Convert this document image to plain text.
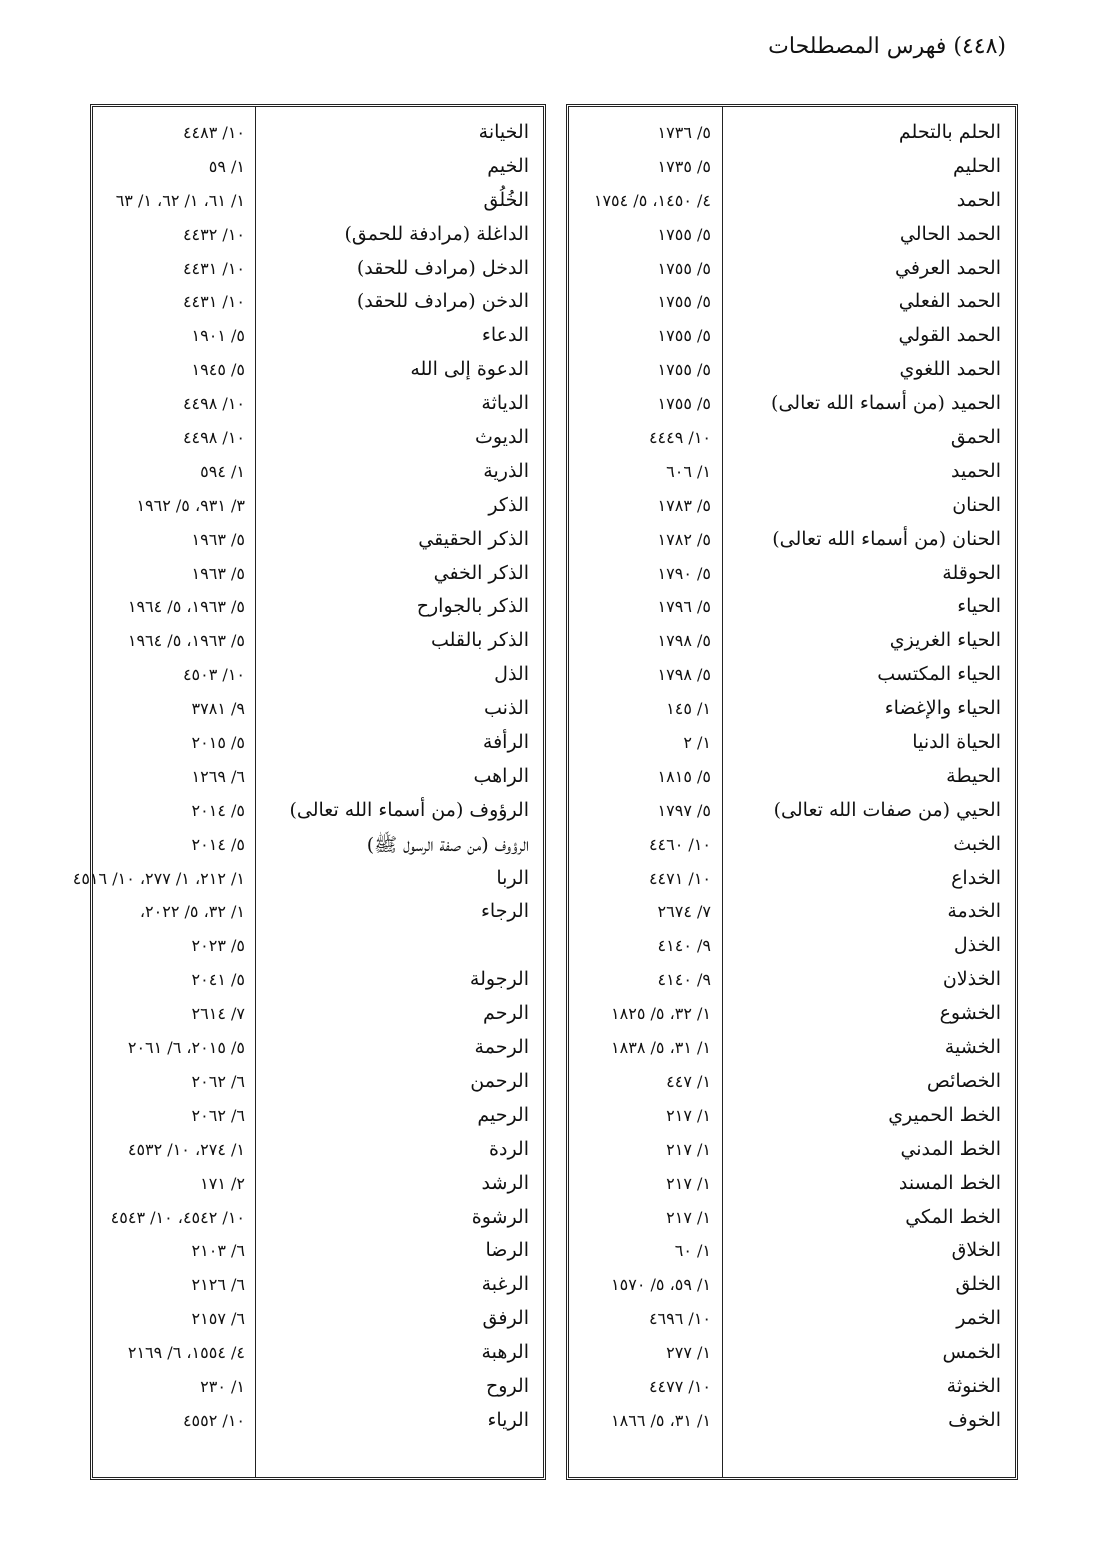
(٤٤٨) فهرس المصطلحات
الحلم بالتحلم
٥/ ١٧٣٦
الحليم
٥/ ١٧٣٥
الحمد
٤/ ١٤٥٠، ٥/ ١٧٥٤
الحمد الحالي
٥/ ١٧٥٥
الحمد العرفي
٥/ ١٧٥٥
الحمد الفعلي
٥/ ١٧٥٥
الحمد القولي
٥/ ١٧٥٥
الحمد اللغوي
٥/ ١٧٥٥
الحميد (من أسماء الله تعالى)
٥/ ١٧٥٥
الحمق
١٠/ ٤٤٤٩
الحميد
١/ ٦٠٦
الحنان
٥/ ١٧٨٣
الحنان (من أسماء الله تعالى)
٥/ ١٧٨٢
الحوقلة
٥/ ١٧٩٠
الحياء
٥/ ١٧٩٦
الحياء الغريزي
٥/ ١٧٩٨
الحياء المكتسب
٥/ ١٧٩٨
الحياء والإغضاء
١/ ١٤٥
الحياة الدنيا
١/ ٢
الحيطة
٥/ ١٨١٥
الحيي (من صفات الله تعالى)
٥/ ١٧٩٧
الخبث
١٠/ ٤٤٦٠
الخداع
١٠/ ٤٤٧١
الخدمة
٧/ ٢٦٧٤
الخذل
٩/ ٤١٤٠
الخذلان
٩/ ٤١٤٠
الخشوع
١/ ٣٢، ٥/ ١٨٢٥
الخشية
١/ ٣١، ٥/ ١٨٣٨
الخصائص
١/ ٤٤٧
الخط الحميري
١/ ٢١٧
الخط المدني
١/ ٢١٧
الخط المسند
١/ ٢١٧
الخط المكي
١/ ٢١٧
الخلاق
١/ ٦٠
الخلق
١/ ٥٩، ٥/ ١٥٧٠
الخمر
١٠/ ٤٦٩٦
الخمس
١/ ٢٧٧
الخنوثة
١٠/ ٤٤٧٧
الخوف
١/ ٣١، ٥/ ١٨٦٦
الخيانة
١٠/ ٤٤٨٣
الخيم
١/ ٥٩
الخُلُق
١/ ٦١، ١/ ٦٢، ١/ ٦٣
الداغلة (مرادفة للحمق)
١٠/ ٤٤٣٢
الدخل (مرادف للحقد)
١٠/ ٤٤٣١
الدخن (مرادف للحقد)
١٠/ ٤٤٣١
الدعاء
٥/ ١٩٠١
الدعوة إلى الله
٥/ ١٩٤٥
الدياثة
١٠/ ٤٤٩٨
الديوث
١٠/ ٤٤٩٨
الذرية
١/ ٥٩٤
الذكر
٣/ ٩٣١، ٥/ ١٩٦٢
الذكر الحقيقي
٥/ ١٩٦٣
الذكر الخفي
٥/ ١٩٦٣
الذكر بالجوارح
٥/ ١٩٦٣، ٥/ ١٩٦٤
الذكر بالقلب
٥/ ١٩٦٣، ٥/ ١٩٦٤
الذل
١٠/ ٤٥٠٣
الذنب
٩/ ٣٧٨١
الرأفة
٥/ ٢٠١٥
الراهب
٦/ ١٢٦٩
الرؤوف (من أسماء الله تعالى)
٥/ ٢٠١٤
الرؤوف (من صفة الرسول ﷺ)
٥/ ٢٠١٤
الربا
١/ ٢١٢، ١/ ٢٧٧، ١٠/ ٤٥١٦
الرجاء
١/ ٣٢، ٥/ ٢٠٢٢،
٥/ ٢٠٢٣
الرجولة
٥/ ٢٠٤١
الرحم
٧/ ٢٦١٤
الرحمة
٥/ ٢٠١٥، ٦/ ٢٠٦١
الرحمن
٦/ ٢٠٦٢
الرحيم
٦/ ٢٠٦٢
الردة
١/ ٢٧٤، ١٠/ ٤٥٣٢
الرشد
٢/ ١٧١
الرشوة
١٠/ ٤٥٤٢، ١٠/ ٤٥٤٣
الرضا
٦/ ٢١٠٣
الرغبة
٦/ ٢١٢٦
الرفق
٦/ ٢١٥٧
الرهبة
٤/ ١٥٥٤، ٦/ ٢١٦٩
الروح
١/ ٢٣٠
الرياء
١٠/ ٤٥٥٢
